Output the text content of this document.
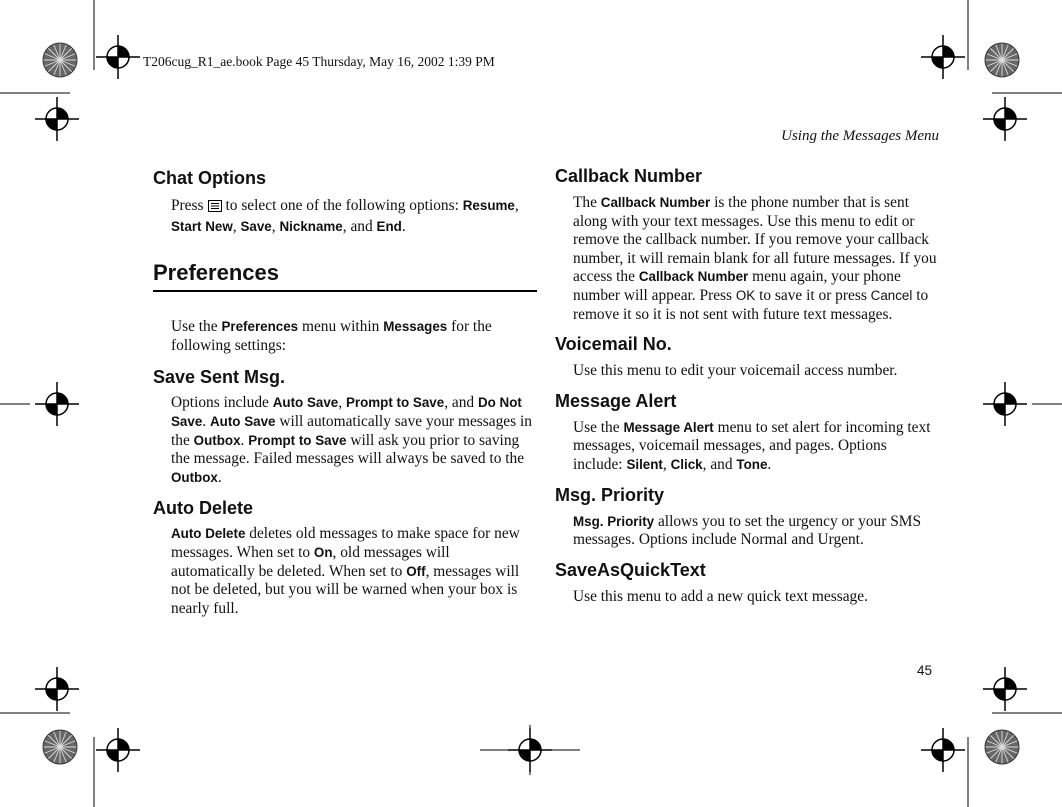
T206cug_R1_ae.book Page 45 Thursday, May 16, 2002 1:39 PM
Using the Messages Menu
45
Chat Options

Press to select one of the following options: Resume, Start New, Save, Nickname, and End.

Preferences

Use the Preferences menu within Messages for the following settings:

Save Sent Msg.

Options include Auto Save, Prompt to Save, and Do Not Save. Auto Save will automatically save your messages in the Outbox. Prompt to Save will ask you prior to saving the message. Failed messages will always be saved to the Outbox.

Auto Delete

Auto Delete deletes old messages to make space for new messages. When set to On, old messages will automatically be deleted. When set to Off, messages will not be deleted, but you will be warned when your box is nearly full.

Callback Number

The Callback Number is the phone number that is sent along with your text messages. Use this menu to edit or remove the callback number. If you remove your callback number, it will remain blank for all future messages. If you access the Callback Number menu again, your phone number will appear. Press OK to save it or press Cancel to remove it so it is not sent with future text messages.

Voicemail No.

Use this menu to edit your voicemail access number.

Message Alert

Use the Message Alert menu to set alert for incoming text messages, voicemail messages, and pages. Options include: Silent, Click, and Tone.

Msg. Priority

Msg. Priority allows you to set the urgency or your SMS messages. Options include Normal and Urgent.

SaveAsQuickText

Use this menu to add a new quick text message.
